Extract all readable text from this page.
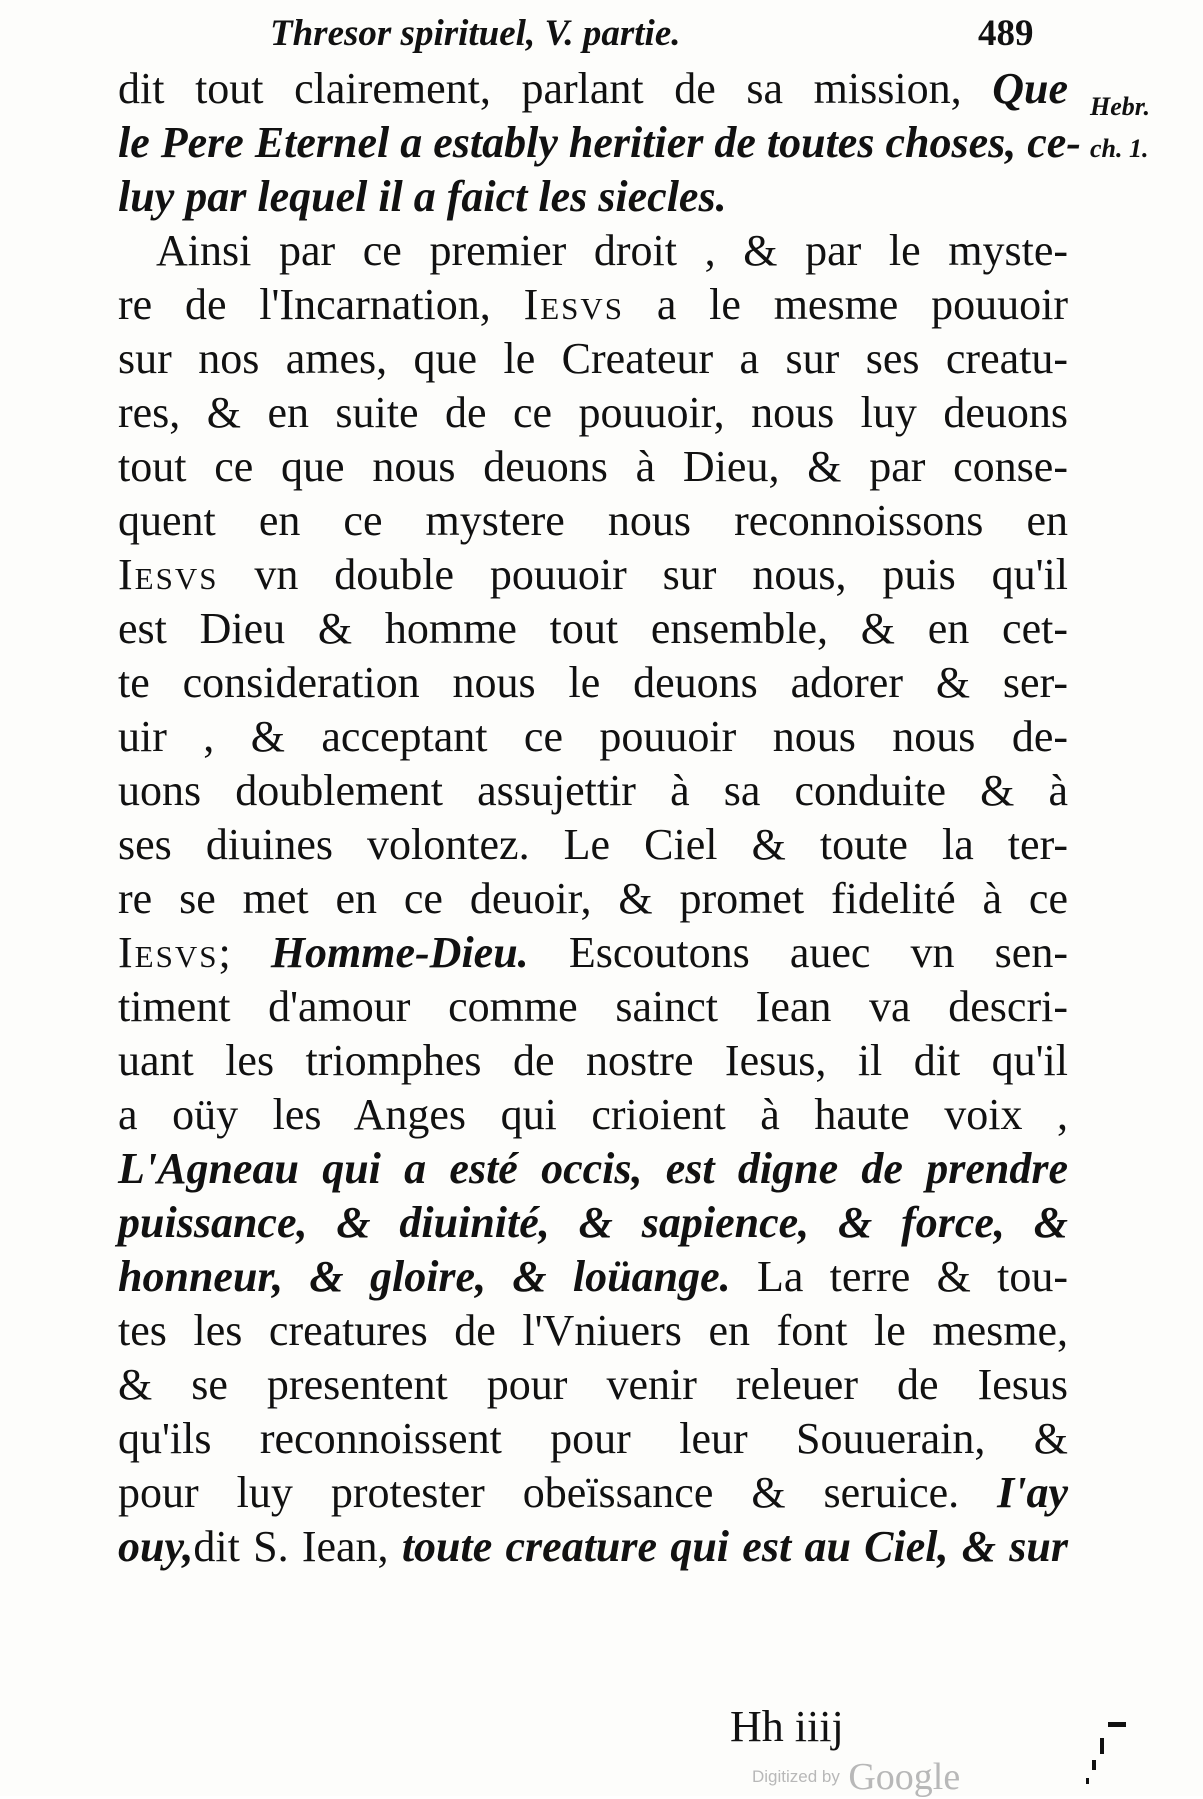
Thresor spirituel, V. partie.	489
Hebr.
ch. 1.
dit tout clairement, parlant de sa mission, Que
le Pere Eternel a estably heritier de toutes choses, ce-
luy par lequel il a faict les siecles.
Ainsi par ce premier droit , & par le myste-
re de l'Incarnation, Iesvs a le mesme pouuoir
sur nos ames, que le Createur a sur ses creatu-
res, & en suite de ce pouuoir, nous luy deuons
tout ce que nous deuons à Dieu, & par conse-
quent en ce mystere nous reconnoissons en
Iesvs vn double pouuoir sur nous, puis qu'il
est Dieu & homme tout ensemble, & en cet-
te consideration nous le deuons adorer & ser-
uir , & acceptant ce pouuoir nous nous de-
uons doublement assujettir à sa conduite & à
ses diuines volontez. Le Ciel & toute la ter-
re se met en ce deuoir, & promet fidelité à ce
Iesvs; Homme-Dieu. Escoutons auec vn sen-
timent d'amour comme sainct Iean va descri-
uant les triomphes de nostre Iesus, il dit qu'il
a oüy les Anges qui crioient à haute voix ,
L'Agneau qui a esté occis, est digne de prendre
puissance, & diuinité, & sapience, & force, &
honneur, & gloire, & loüange. La terre & tou-
tes les creatures de l'Vniuers en font le mesme,
& se presentent pour venir releuer de Iesus
qu'ils reconnoissent pour leur Souuerain, &
pour luy protester obeïssance & seruice. I'ay
ouy,dit S. Iean, toute creature qui est au Ciel, & sur
Hh iiij
Digitized by Google
